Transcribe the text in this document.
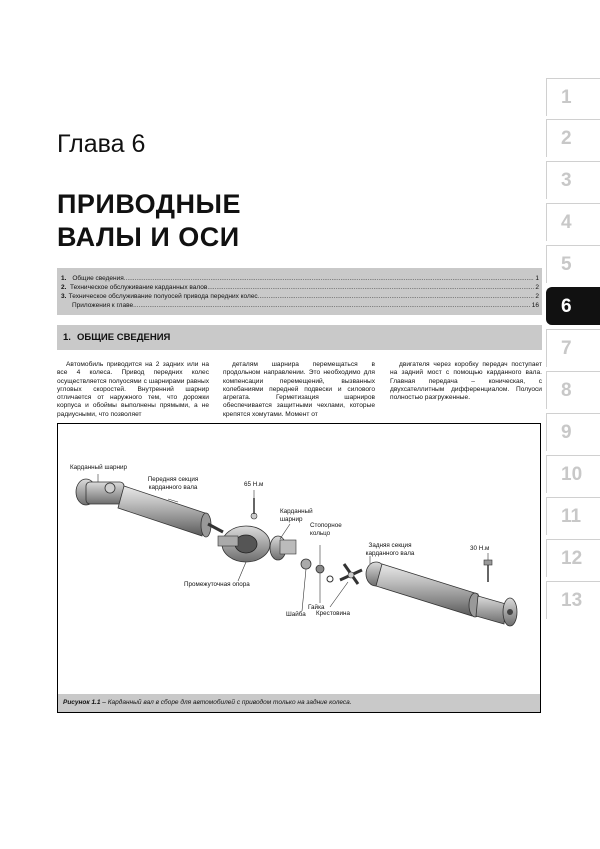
Глава 6
ПРИВОДНЫЕ
ВАЛЫ И ОСИ
1. Общие сведения .....	1
2. Техническое обслуживание карданных валов .....	2
3. Техническое обслуживание полуосей привода передних колес .....	2
Приложения к главе .....	16
1. ОБЩИЕ СВЕДЕНИЯ
Автомобиль приводится на 2 задних или на все 4 колеса. Привод передних колес осуществляется полуосями с шарнирами равных угловых скоростей. Внутренний шарнир отличается от наружного тем, что дорожки корпуса и обоймы выполнены прямыми, а не радиусными, что позволяет
деталям шарнира перемещаться в продольном направлении. Это необходимо для компенсации перемещений, вызванных колебаниями передней подвески и силового агрегата. Герметизация шарниров обеспечивается защитными чехлами, которые крепятся хомутами. Момент от
двигателя через коробку передач поступает на задний мост с помощью карданного вала. Главная передача – коническая, с двухсателлитным дифференциалом. Полуоси полностью разгруженные.
Карданный шарнир
Передняя секция карданного вала	65 Н.м
Карданный шарнир
Стопорное кольцо
Задняя секция карданного вала
30 Н.м
Промежуточная опора
Шайба
Гайка
Крестовина
Рисунок 1.1 – Карданный вал в сборе для автомобилей с приводом только на задние колеса.
1
2
3
4
5
6
7
8
9
10
11
12
13
